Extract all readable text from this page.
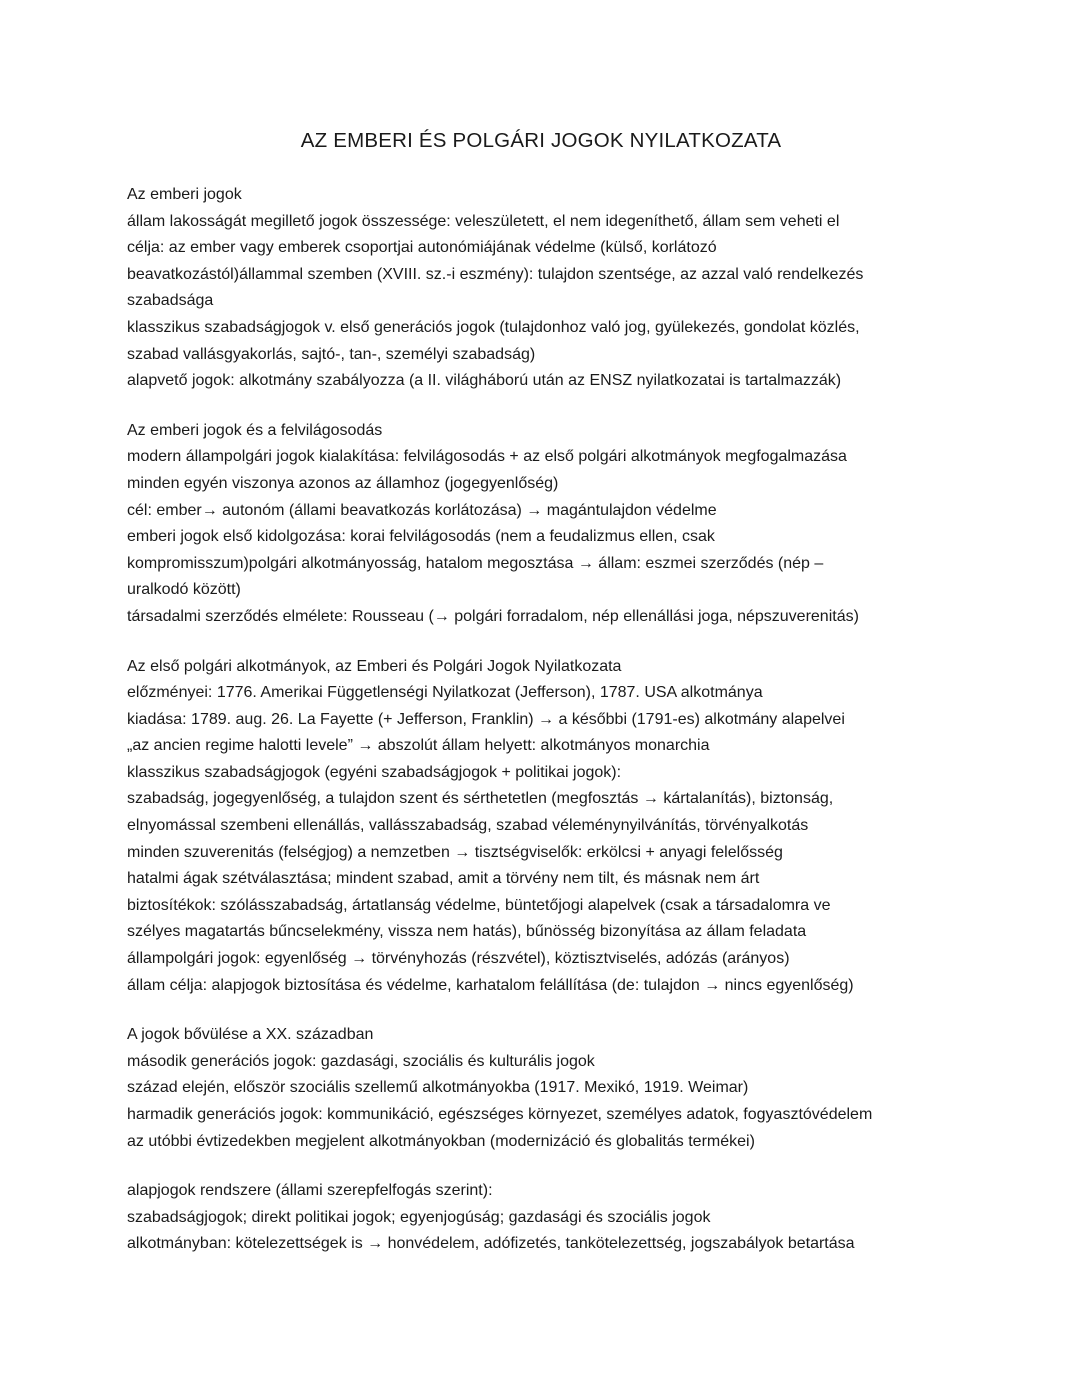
AZ EMBERI ÉS POLGÁRI JOGOK NYILATKOZATA
Az emberi jogok
állam lakosságát megillető jogok összessége: veleszületett, el nem idegeníthető, állam sem veheti el
célja: az ember vagy emberek csoportjai autonómiájának védelme (külső, korlátozó
beavatkozástól)állammal szemben (XVIII. sz.-i eszmény): tulajdon szentsége, az azzal való rendelkezés
szabadsága
klasszikus szabadságjogok v. első generációs jogok (tulajdonhoz való jog, gyülekezés, gondolat közlés,
szabad vallásgyakorlás, sajtó-, tan-, személyi szabadság)
alapvető jogok: alkotmány szabályozza (a II. világháború után az ENSZ nyilatkozatai is tartalmazzák)
Az emberi jogok és a felvilágosodás
modern állampolgári jogok kialakítása: felvilágosodás + az első polgári alkotmányok megfogalmazása
minden egyén viszonya azonos az államhoz (jogegyenlőség)
cél: ember→ autonóm (állami beavatkozás korlátozása) → magántulajdon védelme
emberi jogok első kidolgozása: korai felvilágosodás (nem a feudalizmus ellen, csak
kompromisszum)polgári alkotmányosság, hatalom megosztása → állam: eszmei szerződés (nép –
uralkodó között)
társadalmi szerződés elmélete: Rousseau (→ polgári forradalom, nép ellenállási joga, népszuverenitás)
Az első polgári alkotmányok, az Emberi és Polgári Jogok Nyilatkozata
előzményei: 1776. Amerikai Függetlenségi Nyilatkozat (Jefferson), 1787. USA alkotmánya
kiadása: 1789. aug. 26. La Fayette (+ Jefferson, Franklin) → a későbbi (1791-es) alkotmány alapelvei
„az ancien regime halotti levele” → abszolút állam helyett: alkotmányos monarchia
klasszikus szabadságjogok (egyéni szabadságjogok + politikai jogok):
szabadság, jogegyenlőség, a tulajdon szent és sérthetetlen (megfosztás → kártalanítás), biztonság,
elnyomással szembeni ellenállás, vallásszabadság, szabad véleménynyilvánítás, törvényalkotás
minden szuverenitás (felségjog) a nemzetben → tisztségviselők: erkölcsi + anyagi felelősség
hatalmi ágak szétválasztása; mindent szabad, amit a törvény nem tilt, és másnak nem árt
biztosítékok: szólásszabadság, ártatlanság védelme, büntetőjogi alapelvek (csak a társadalomra ve
szélyes magatartás bűncselekmény, vissza nem hatás), bűnösség bizonyítása az állam feladata
állampolgári jogok: egyenlőség → törvényhozás (részvétel), köztisztviselés, adózás (arányos)
állam célja: alapjogok biztosítása és védelme, karhatalom felállítása (de: tulajdon → nincs egyenlőség)
A jogok bővülése a XX. században
második generációs jogok: gazdasági, szociális és kulturális jogok
század elején, először szociális szellemű alkotmányokba (1917. Mexikó, 1919. Weimar)
harmadik generációs jogok: kommunikáció, egészséges környezet, személyes adatok, fogyasztóvédelem
az utóbbi évtizedekben megjelent alkotmányokban (modernizáció és globalitás termékei)
alapjogok rendszere (állami szerepfelfogás szerint):
szabadságjogok; direkt politikai jogok; egyenjogúság; gazdasági és szociális jogok
alkotmányban: kötelezettségek is → honvédelem, adófizetés, tankötelezettség, jogszabályok betartása
